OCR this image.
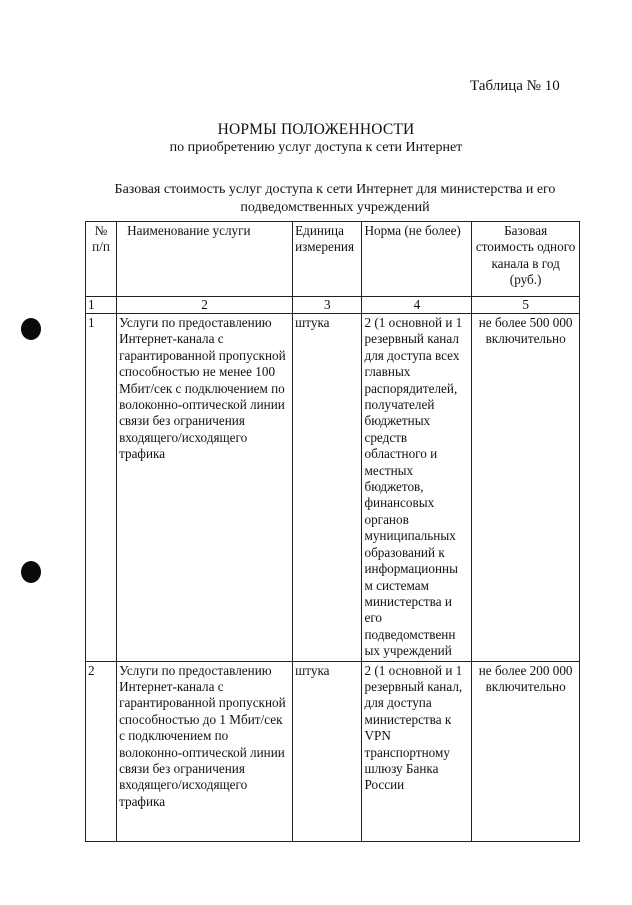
Таблица № 10
НОРМЫ ПОЛОЖЕННОСТИ
по приобретению услуг доступа к сети Интернет
Базовая стоимость услуг доступа к сети Интернет для министерства и его подведомственных учреждений
№ п/п	Наименование услуги	Единица измерения	Норма (не более)	Базовая стоимость одного канала в год (руб.)
1	2	3	4	5
1	Услуги по предоставлению Интернет-канала с гарантированной пропускной способностью не менее 100 Мбит/сек с подключением по волоконно-оптической линии связи без ограничения входящего/исходящего трафика	штука	2 (1 основной и 1 резервный канал для доступа всех главных распорядителей, получателей бюджетных средств областного и местных бюджетов, финансовых органов муниципальных образований к информационны м системам министерства и его подведомственн ых учреждений	не более 500 000 включительно
2	Услуги по предоставлению Интернет-канала с гарантированной пропускной способностью до 1 Мбит/сек с подключением по волоконно-оптической линии связи без ограничения входящего/исходящего трафика	штука	2 (1 основной и 1 резервный канал, для доступа министерства к VPN транспортному шлюзу Банка России	не более 200 000 включительно
